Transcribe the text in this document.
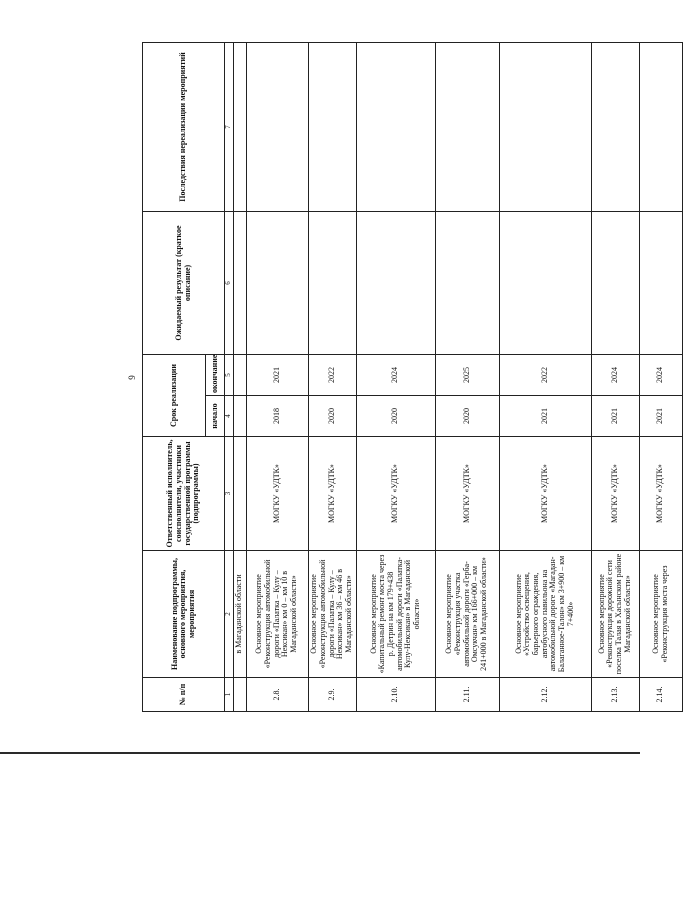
9
№ п/п	Наименование подпрограммы, основного мероприятия, мероприятия	Ответственный исполнитель, соисполнители, участники государственной программы (подпрограммы)	Срок реализации		Ожидаемый результат (краткое описание)	Последствия нереализации мероприятий
			начало	окончание		
1	2	3	4	5	6	7
	в Магаданской области					
2.8.	Основное мероприятие «Реконструкция автомобильной дороги «Палатка – Кулу – Нексикан» км 0 – км 10 в Магаданской области»	МОГКУ «УДТК»	2018	2021		
2.9.	Основное мероприятие «Реконструкция автомобильной дороги «Палатка – Кулу – Нексикан» км 36 – км 46 в Магаданской области»	МОГКУ «УДТК»	2020	2022		
2.10.	Основное мероприятие «Капитальный ремонт моста через р. Детрин на км 179+438 автомобильной дороги «Палатка-Кулу-Нексикан» в Магаданской области»	МОГКУ «УДТК»	2020	2024		
2.11.	Основное мероприятие «Реконструкция участка автомобильной дороги «Герба-Омсукчан» км 166+000 – км 241+000 в Магаданской области»	МОГКУ «УДТК»	2020	2025		
2.12.	Основное мероприятие «Устройство освещения, барьерного ограждения, автобусного павильона на автомобильной дороге «Магадан-Балаганное-Талон» км 3+900 – км 7+400»	МОГКУ «УДТК»	2021	2022		
2.13.	Основное мероприятие «Реконструкция дорожной сети поселка Талая в Хасынском районе Магаданской области»	МОГКУ «УДТК»	2021	2024		
2.14.	Основное мероприятие «Реконструкция моста через	МОГКУ «УДТК»	2021	2024		
